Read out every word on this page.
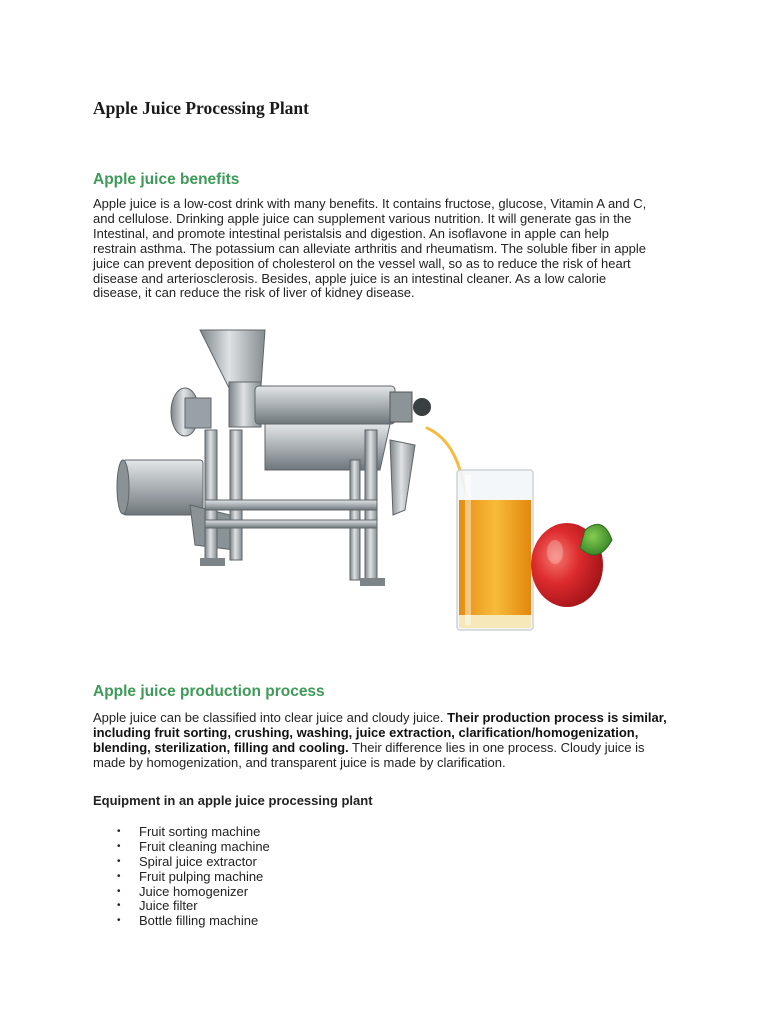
Apple Juice Processing Plant
Apple juice benefits

Apple juice is a low-cost drink with many benefits. It contains fructose, glucose, Vitamin A and C,
and cellulose. Drinking apple juice can supplement various nutrition. It will generate gas in the
Intestinal, and promote intestinal peristalsis and digestion. An isoflavone in apple can help
restrain asthma. The potassium can alleviate arthritis and rheumatism. The soluble fiber in apple
juice can prevent deposition of cholesterol on the vessel wall, so as to reduce the risk of heart
disease and arteriosclerosis. Besides, apple juice is an intestinal cleaner. As a low calorie
disease, it can reduce the risk of liver of kidney disease.

Apple juice production process

Apple juice can be classified into clear juice and cloudy juice. Their production process is similar, including fruit sorting, crushing, washing, juice extraction, clarification/homogenization, blending, sterilization, filling and cooling. Their difference lies in one process. Cloudy juice is made by homogenization, and transparent juice is made by clarification.

Equipment in an apple juice processing plant

• Fruit sorting machine
• Fruit cleaning machine
• Spiral juice extractor
• Fruit pulping machine
• Juice homogenizer
• Juice filter
• Bottle filling machine
